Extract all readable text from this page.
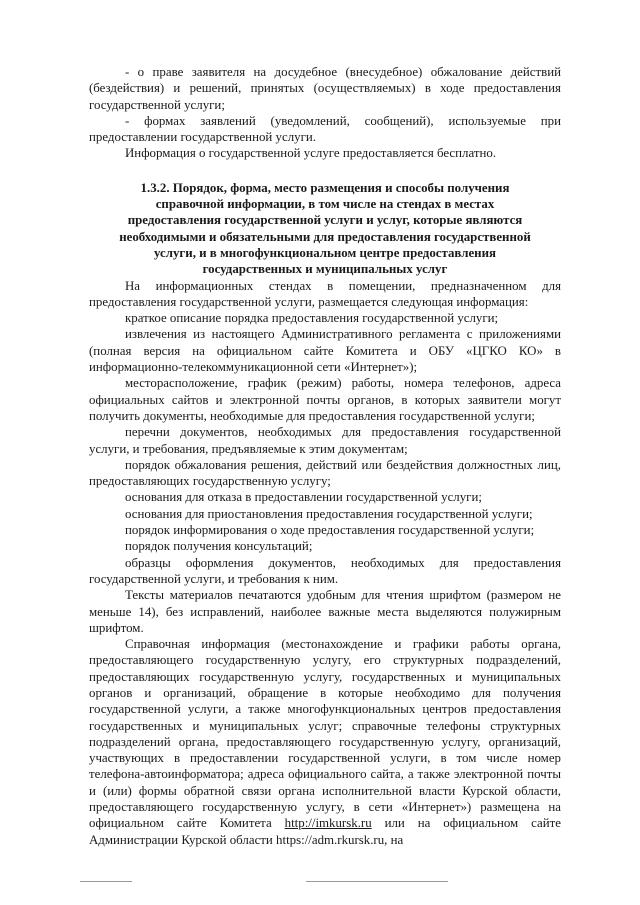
- о праве заявителя на досудебное (внесудебное) обжалование действий (бездействия) и решений, принятых (осуществляемых) в ходе предоставления государственной услуги;

- формах заявлений (уведомлений, сообщений), используемые при предоставлении государственной услуги.

Информация о государственной услуге предоставляется бесплатно.

1.3.2. Порядок, форма, место размещения и способы получения справочной информации, в том числе на стендах в местах предоставления государственной услуги и услуг, которые являются необходимыми и обязательными для предоставления государственной услуги, и в многофункциональном центре предоставления государственных и муниципальных услуг

На информационных стендах в помещении, предназначенном для предоставления государственной услуги, размещается следующая информация:

краткое описание порядка предоставления государственной услуги;

извлечения из настоящего Административного регламента с приложениями (полная версия на официальном сайте Комитета и ОБУ «ЦГКО КО» в информационно-телекоммуникационной сети «Интернет»);

месторасположение, график (режим) работы, номера телефонов, адреса официальных сайтов и электронной почты органов, в которых заявители могут получить документы, необходимые для предоставления государственной услуги;

перечни документов, необходимых для предоставления государственной услуги, и требования, предъявляемые к этим документам;

порядок обжалования решения, действий или бездействия должностных лиц, предоставляющих государственную услугу;

основания для отказа в предоставлении государственной услуги;

основания для приостановления предоставления государственной услуги;

порядок информирования о ходе предоставления государственной услуги;

порядок получения консультаций;

образцы оформления документов, необходимых для предоставления государственной услуги, и требования к ним.

Тексты материалов печатаются удобным для чтения шрифтом (размером не меньше 14), без исправлений, наиболее важные места выделяются полужирным шрифтом.

Справочная информация (местонахождение и графики работы органа, предоставляющего государственную услугу, его структурных подразделений, предоставляющих государственную услугу, государственных и муниципальных органов и организаций, обращение в которые необходимо для получения государственной услуги, а также многофункциональных центров предоставления государственных и муниципальных услуг; справочные телефоны структурных подразделений органа, предоставляющего государственную услугу, организаций, участвующих в предоставлении государственной услуги, в том числе номер телефона-автоинформатора; адреса официального сайта, а также электронной почты и (или) формы обратной связи органа исполнительной власти Курской области, предоставляющего государственную услугу, в сети «Интернет») размещена на официальном сайте Комитета http://imkursk.ru или на официальном сайте Администрации Курской области https://adm.rkursk.ru, на
